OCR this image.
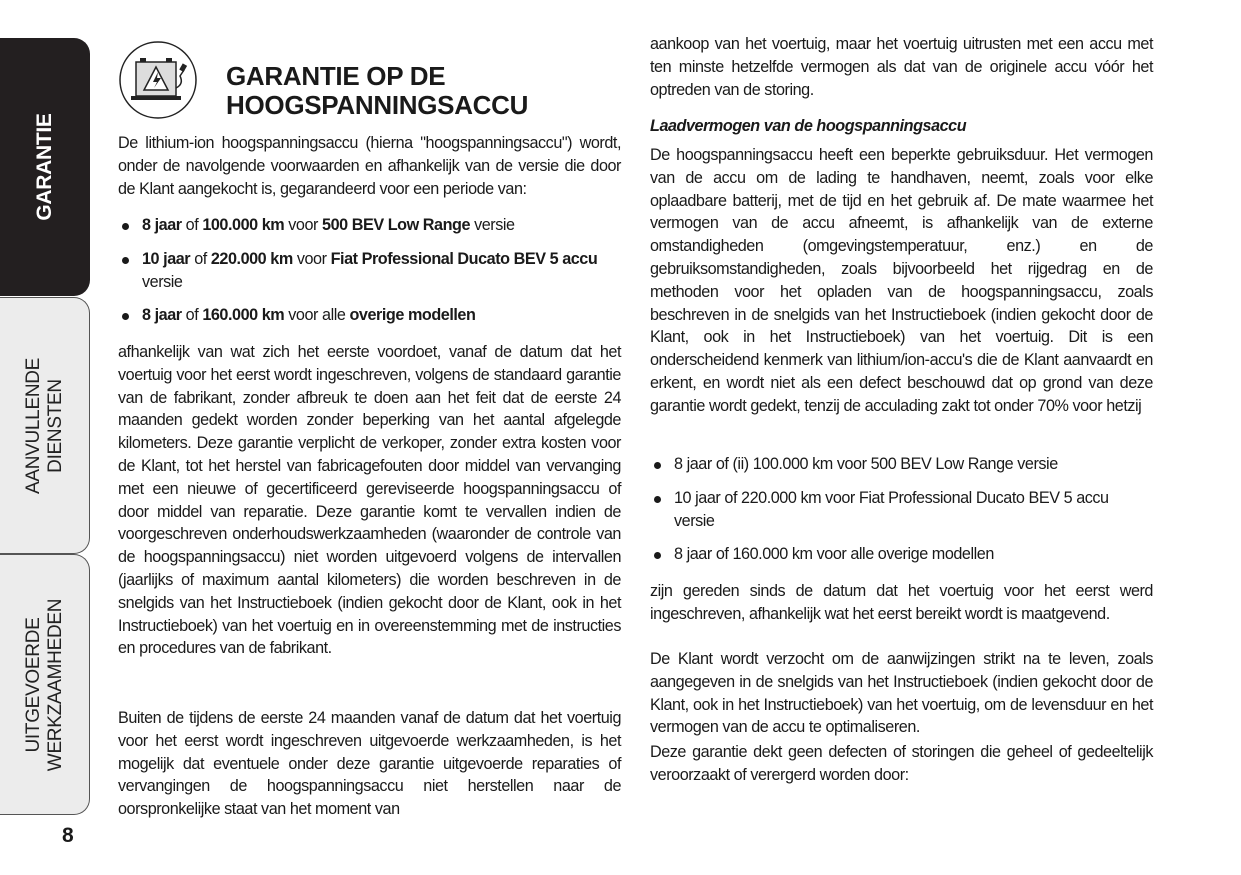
GARANTIE
AANVULLENDE DIENSTEN
UITGEVOERDE WERKZAAMHEDEN
8
GARANTIE OP DE
HOOGSPANNINGSACCU
De lithium-ion hoogspanningsaccu (hierna "hoogspanningsaccu") wordt, onder de navolgende voorwaarden en afhankelijk van de versie die door de Klant aangekocht is, gegarandeerd voor een periode van:
8 jaar of 100.000 km voor 500 BEV Low Range versie
10 jaar of 220.000 km voor Fiat Professional Ducato BEV 5 accu versie
8 jaar of 160.000 km voor alle overige modellen
afhankelijk van wat zich het eerste voordoet, vanaf de datum dat het voertuig voor het eerst wordt ingeschreven, volgens de standaard garantie van de fabrikant, zonder afbreuk te doen aan het feit dat de eerste 24 maanden gedekt worden zonder beperking van het aantal afgelegde kilometers. Deze garantie verplicht de verkoper, zonder extra kosten voor de Klant, tot het herstel van fabricagefouten door middel van vervanging met een nieuwe of gecertificeerd gereviseerde hoogspanningsaccu of door middel van reparatie. Deze garantie komt te vervallen indien de voorgeschreven onderhoudswerkzaamheden (waaronder de controle van de hoogspanningsaccu) niet worden uitgevoerd volgens de intervallen (jaarlijks of maximum aantal kilometers) die worden beschreven in de snelgids van het Instructieboek (indien gekocht door de Klant, ook in het Instructieboek) van het voertuig en in overeenstemming met de instructies en procedures van de fabrikant.
Buiten de tijdens de eerste 24 maanden vanaf de datum dat het voertuig voor het eerst wordt ingeschreven uitgevoerde werkzaamheden, is het mogelijk dat eventuele onder deze garantie uitgevoerde reparaties of vervangingen de hoogspanningsaccu niet herstellen naar de oorspronkelijke staat van het moment van
aankoop van het voertuig, maar het voertuig uitrusten met een accu met ten minste hetzelfde vermogen als dat van de originele accu vóór het optreden van de storing.
Laadvermogen van de hoogspanningsaccu
De hoogspanningsaccu heeft een beperkte gebruiksduur. Het vermogen van de accu om de lading te handhaven, neemt, zoals voor elke oplaadbare batterij, met de tijd en het gebruik af. De mate waarmee het vermogen van de accu afneemt, is afhankelijk van de externe omstandigheden (omgevingstemperatuur, enz.) en de gebruiksomstandigheden, zoals bijvoorbeeld het rijgedrag en de methoden voor het opladen van de hoogspanningsaccu, zoals beschreven in de snelgids van het Instructieboek (indien gekocht door de Klant, ook in het Instructieboek) van het voertuig. Dit is een onderscheidend kenmerk van lithium/ion-accu's die de Klant aanvaardt en erkent, en wordt niet als een defect beschouwd dat op grond van deze garantie wordt gedekt, tenzij de acculading zakt tot onder 70% voor hetzij
8 jaar of (ii) 100.000 km voor 500 BEV Low Range versie
10 jaar of 220.000 km voor Fiat Professional Ducato BEV 5 accu versie
8 jaar of 160.000 km voor alle overige modellen
zijn gereden sinds de datum dat het voertuig voor het eerst werd ingeschreven, afhankelijk wat het eerst bereikt wordt is maatgevend.
De Klant wordt verzocht om de aanwijzingen strikt na te leven, zoals aangegeven in de snelgids van het Instructieboek (indien gekocht door de Klant, ook in het Instructieboek) van het voertuig, om de levensduur en het vermogen van de accu te optimaliseren.
Deze garantie dekt geen defecten of storingen die geheel of gedeeltelijk veroorzaakt of verergerd worden door:
